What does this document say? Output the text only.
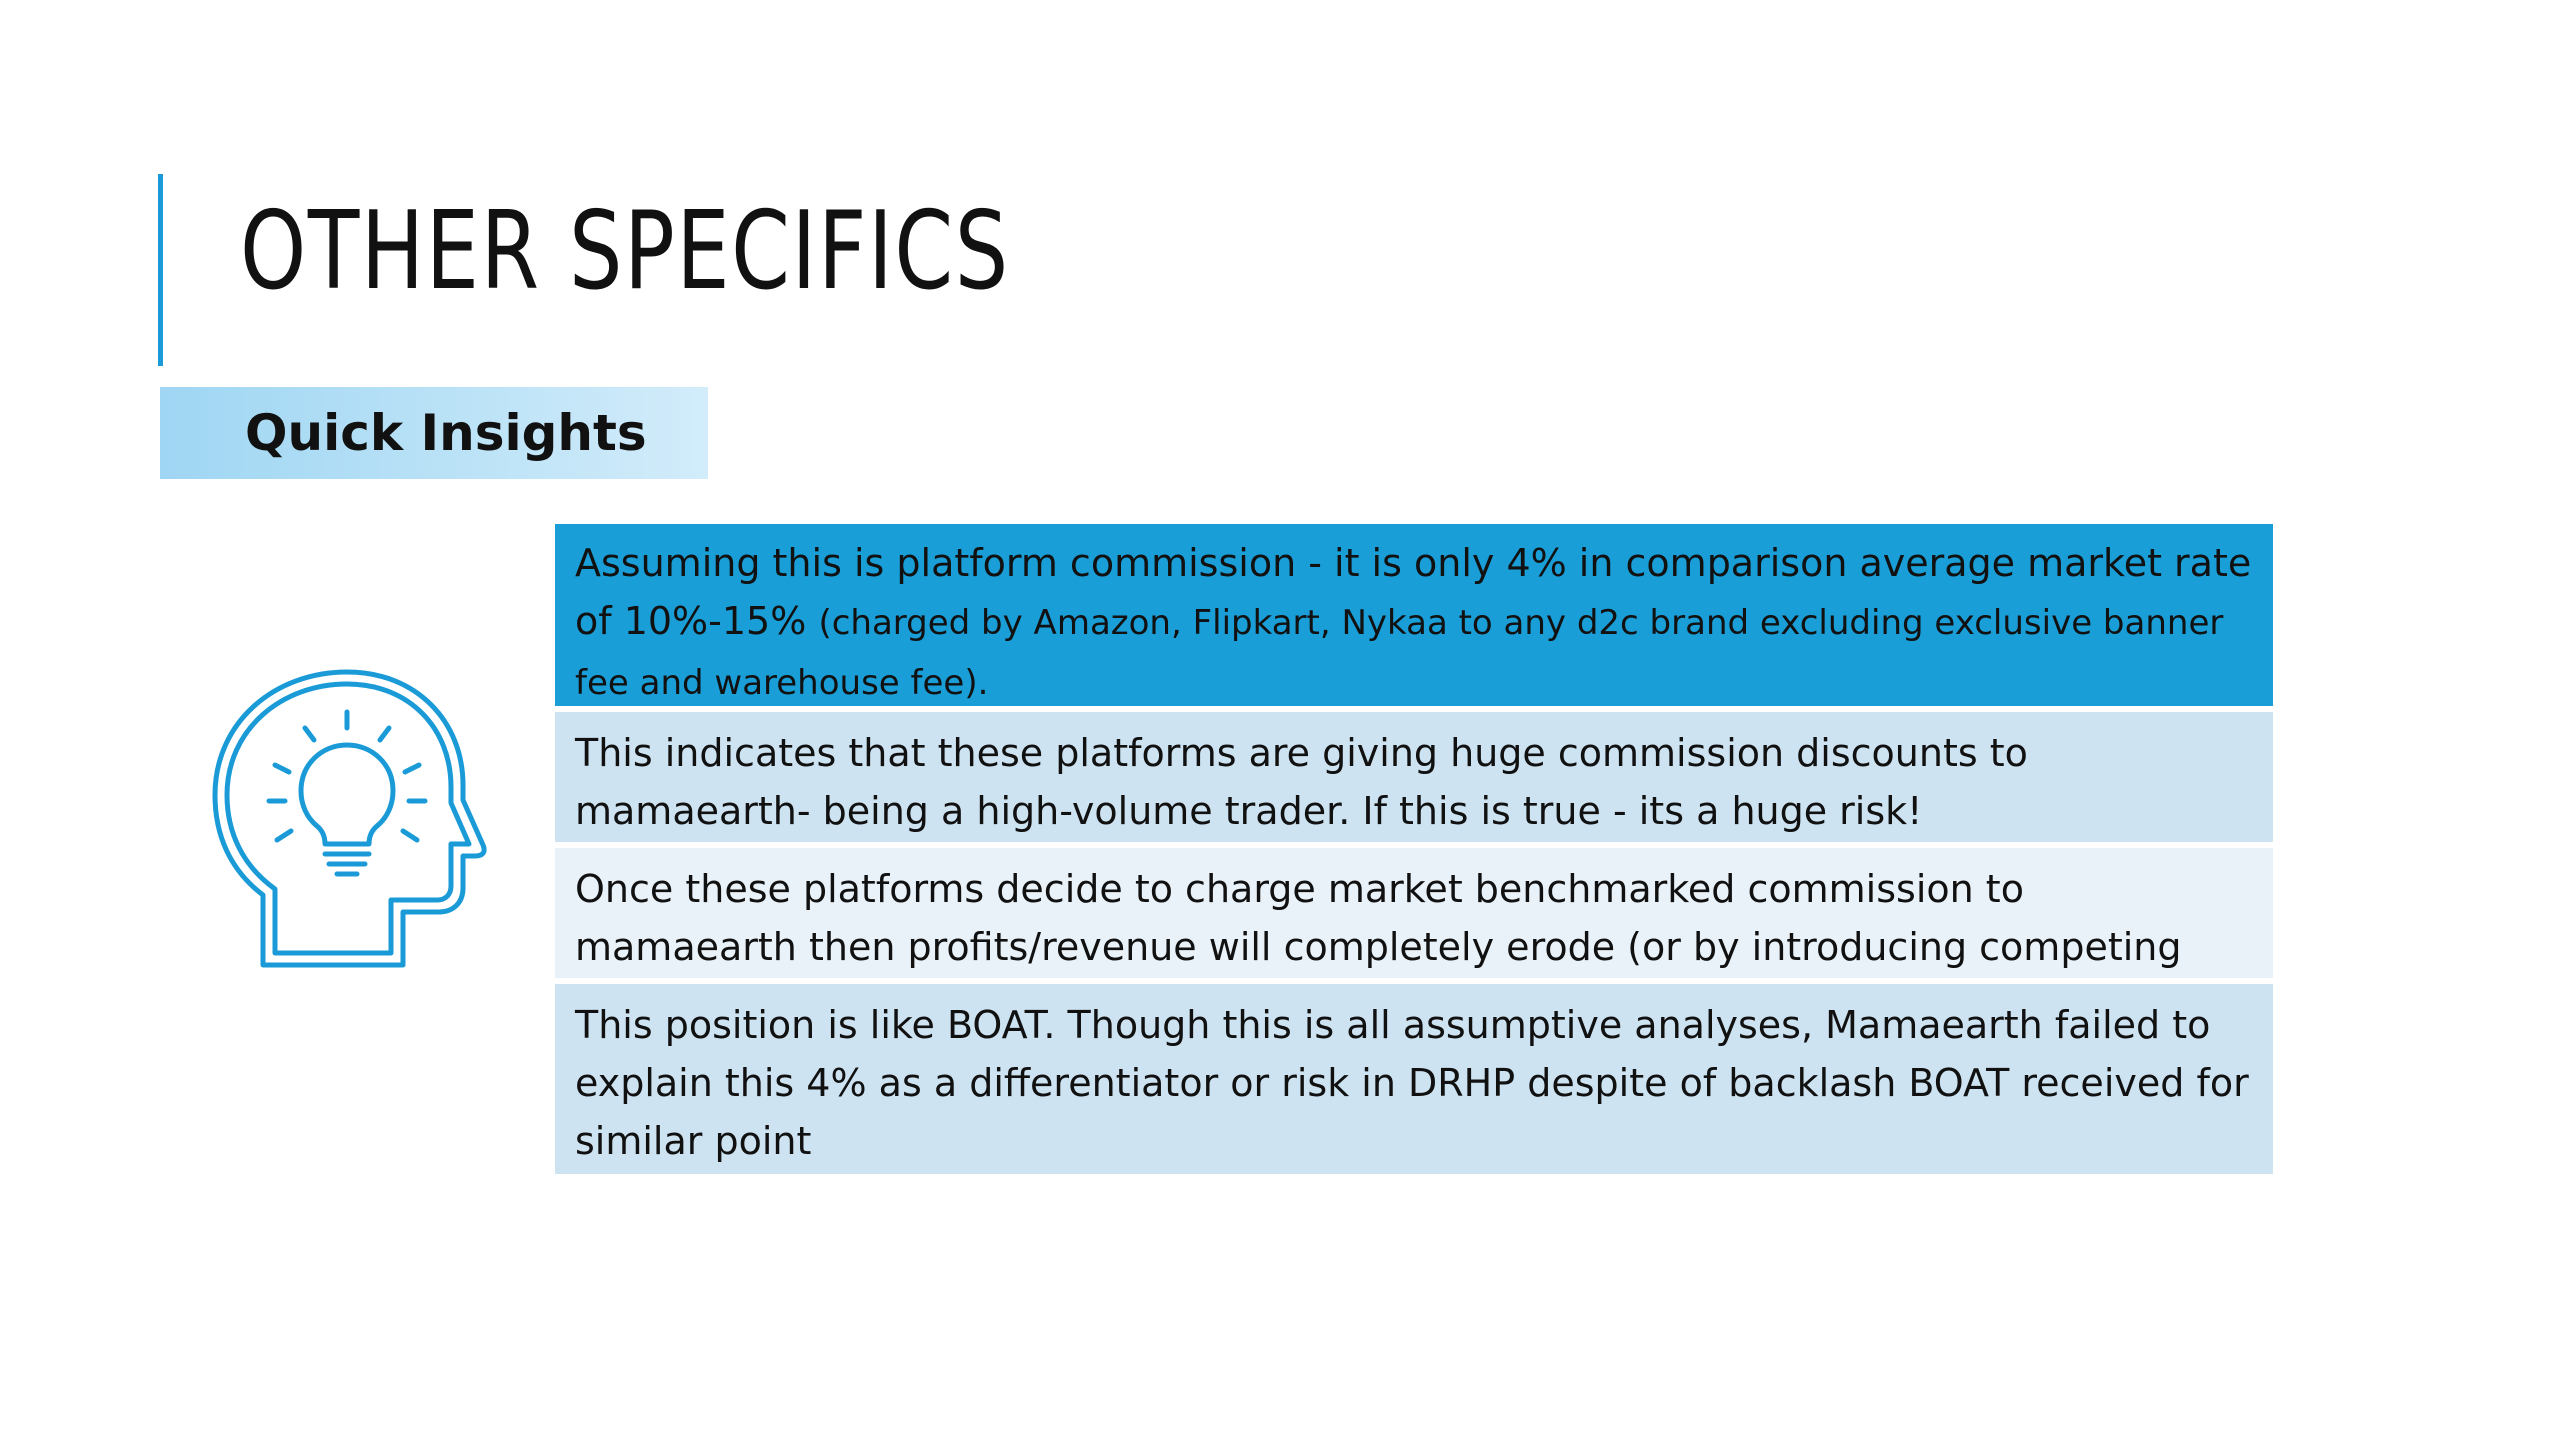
OTHER SPECIFICS
Quick Insights
Assuming this is platform commission - it is only 4% in comparison average market rate of 10%-15% (charged by Amazon, Flipkart, Nykaa to any d2c brand excluding exclusive banner fee and warehouse fee).
This indicates that these platforms are giving huge commission discounts to mamaearth- being a high-volume trader. If this is true - its a huge risk!
Once these platforms decide to charge market benchmarked commission to mamaearth then profits/revenue will completely erode (or by introducing competing
This position is like BOAT. Though this is all assumptive analyses, Mamaearth failed to explain this 4% as a differentiator or risk in DRHP despite of backlash BOAT received for similar point
